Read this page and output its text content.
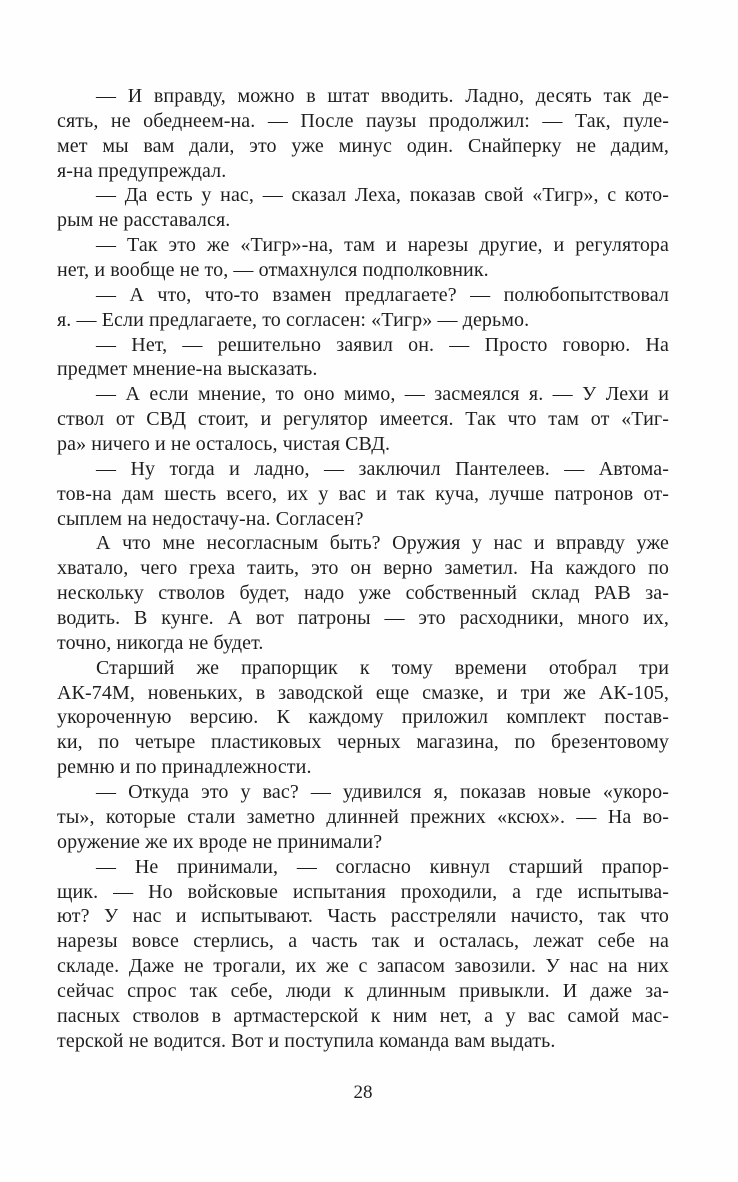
— И вправду, можно в штат вводить. Ладно, десять так де-
сять, не обеднеем-на. — После паузы продолжил: — Так, пуле-
мет мы вам дали, это уже минус один. Снайперку не дадим,
я-на предупреждал.
— Да есть у нас, — сказал Леха, показав свой «Тигр», с кото-
рым не расставался.
— Так это же «Тигр»-на, там и нарезы другие, и регулятора
нет, и вообще не то, — отмахнулся подполковник.
— А что, что-то взамен предлагаете? — полюбопытствовал
я. — Если предлагаете, то согласен: «Тигр» — дерьмо.
— Нет, — решительно заявил он. — Просто говорю. На
предмет мнение-на высказать.
— А если мнение, то оно мимо, — засмеялся я. — У Лехи и
ствол от СВД стоит, и регулятор имеется. Так что там от «Тиг-
ра» ничего и не осталось, чистая СВД.
— Ну тогда и ладно, — заключил Пантелеев. — Автома-
тов-на дам шесть всего, их у вас и так куча, лучше патронов от-
сыплем на недостачу-на. Согласен?
А что мне несогласным быть? Оружия у нас и вправду уже
хватало, чего греха таить, это он верно заметил. На каждого по
нескольку стволов будет, надо уже собственный склад РАВ за-
водить. В кунге. А вот патроны — это расходники, много их,
точно, никогда не будет.
Старший же прапорщик к тому времени отобрал три
АК-74М, новеньких, в заводской еще смазке, и три же АК-105,
укороченную версию. К каждому приложил комплект постав-
ки, по четыре пластиковых черных магазина, по брезентовому
ремню и по принадлежности.
— Откуда это у вас? — удивился я, показав новые «укоро-
ты», которые стали заметно длинней прежних «ксюх». — На во-
оружение же их вроде не принимали?
— Не принимали, — согласно кивнул старший прапор-
щик. — Но войсковые испытания проходили, а где испытыва-
ют? У нас и испытывают. Часть расстреляли начисто, так что
нарезы вовсе стерлись, а часть так и осталась, лежат себе на
складе. Даже не трогали, их же с запасом завозили. У нас на них
сейчас спрос так себе, люди к длинным привыкли. И даже за-
пасных стволов в артмастерской к ним нет, а у вас самой мас-
терской не водится. Вот и поступила команда вам выдать.
28
